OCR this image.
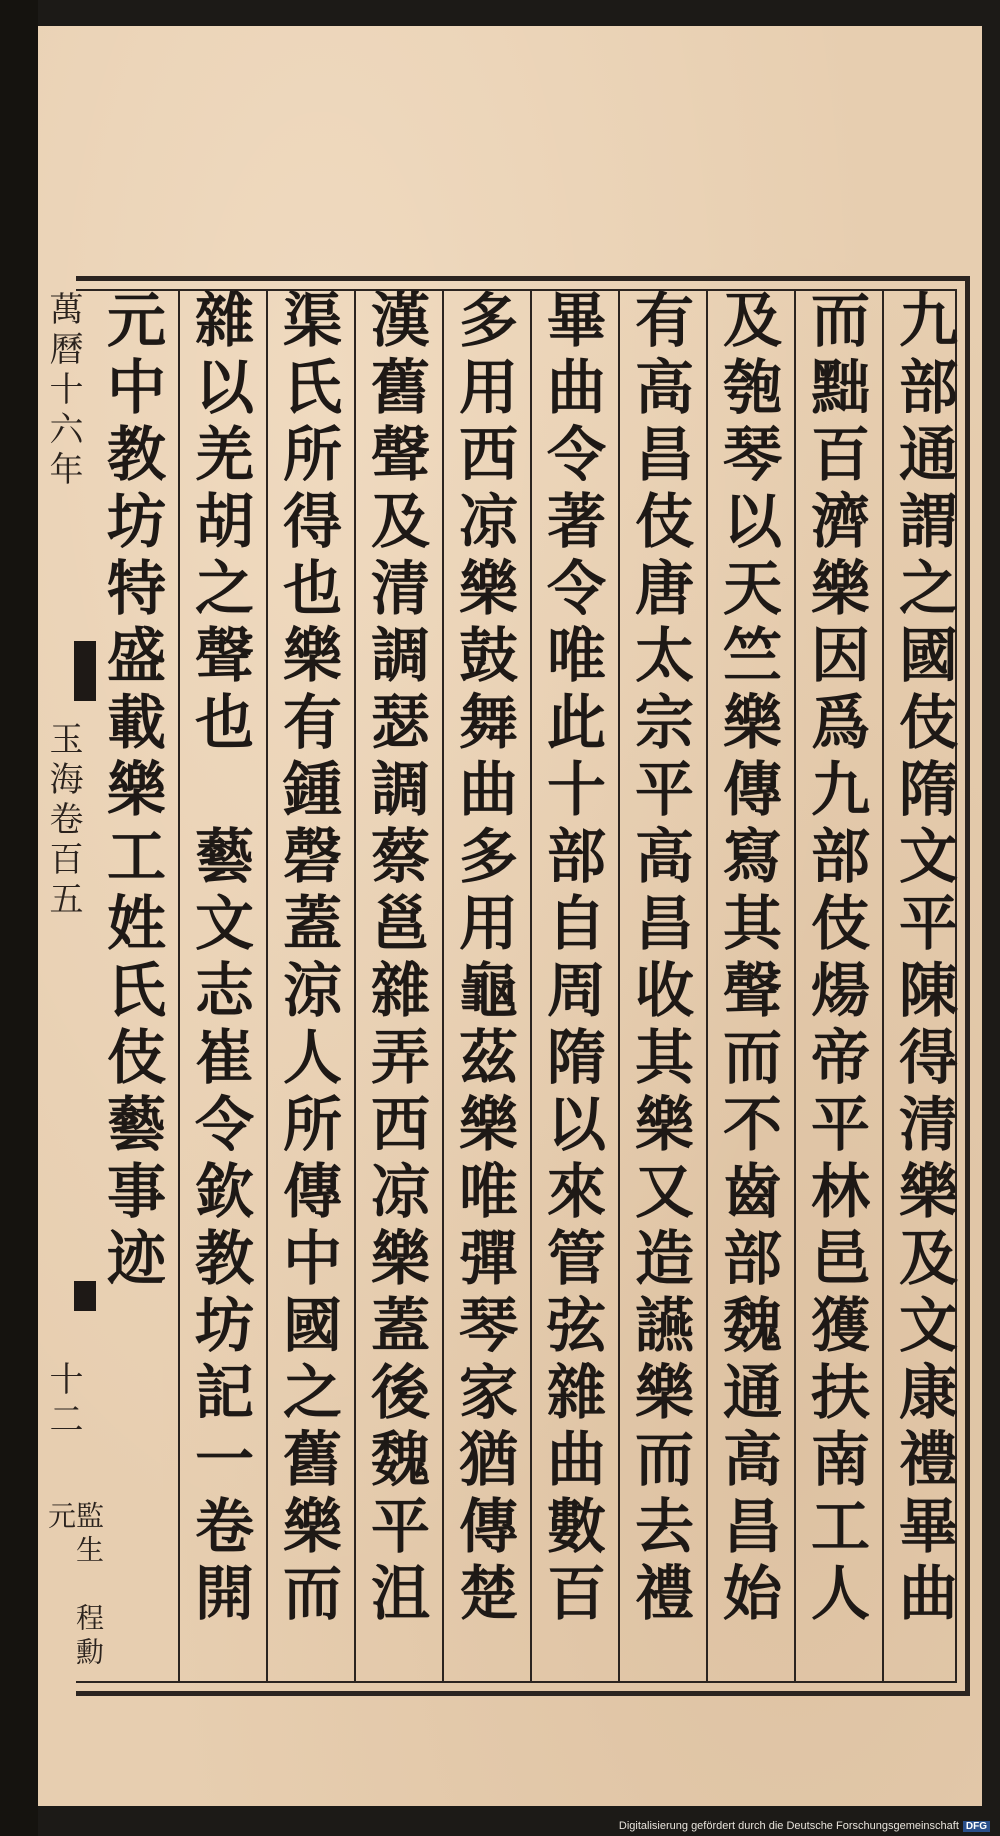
九部通謂之國伎隋文平陳得清樂及文康禮畢曲
而黜百濟樂因爲九部伎煬帝平林邑獲扶南工人
及匏琴以天竺樂傳寫其聲而不齒部魏通高昌始
有高昌伎唐太宗平高昌收其樂又造讌樂而去禮
畢曲令著令唯此十部自周隋以來管弦雜曲數百
多用西凉樂鼓舞曲多用龜茲樂唯彈琴家猶傳楚
漢舊聲及清調瑟調蔡邕雜弄西凉樂蓋後魏平沮
渠氏所得也樂有鍾磬蓋涼人所傳中國之舊樂而
雜以羌胡之聲也　藝文志崔令欽教坊記一卷開
元中教坊特盛載樂工姓氏伎藝事迹
萬曆十六年
玉海卷百五
十二
監生　程勳元
Digitalisierung gefördert durch die Deutsche Forschungsgemeinschaft DFG
